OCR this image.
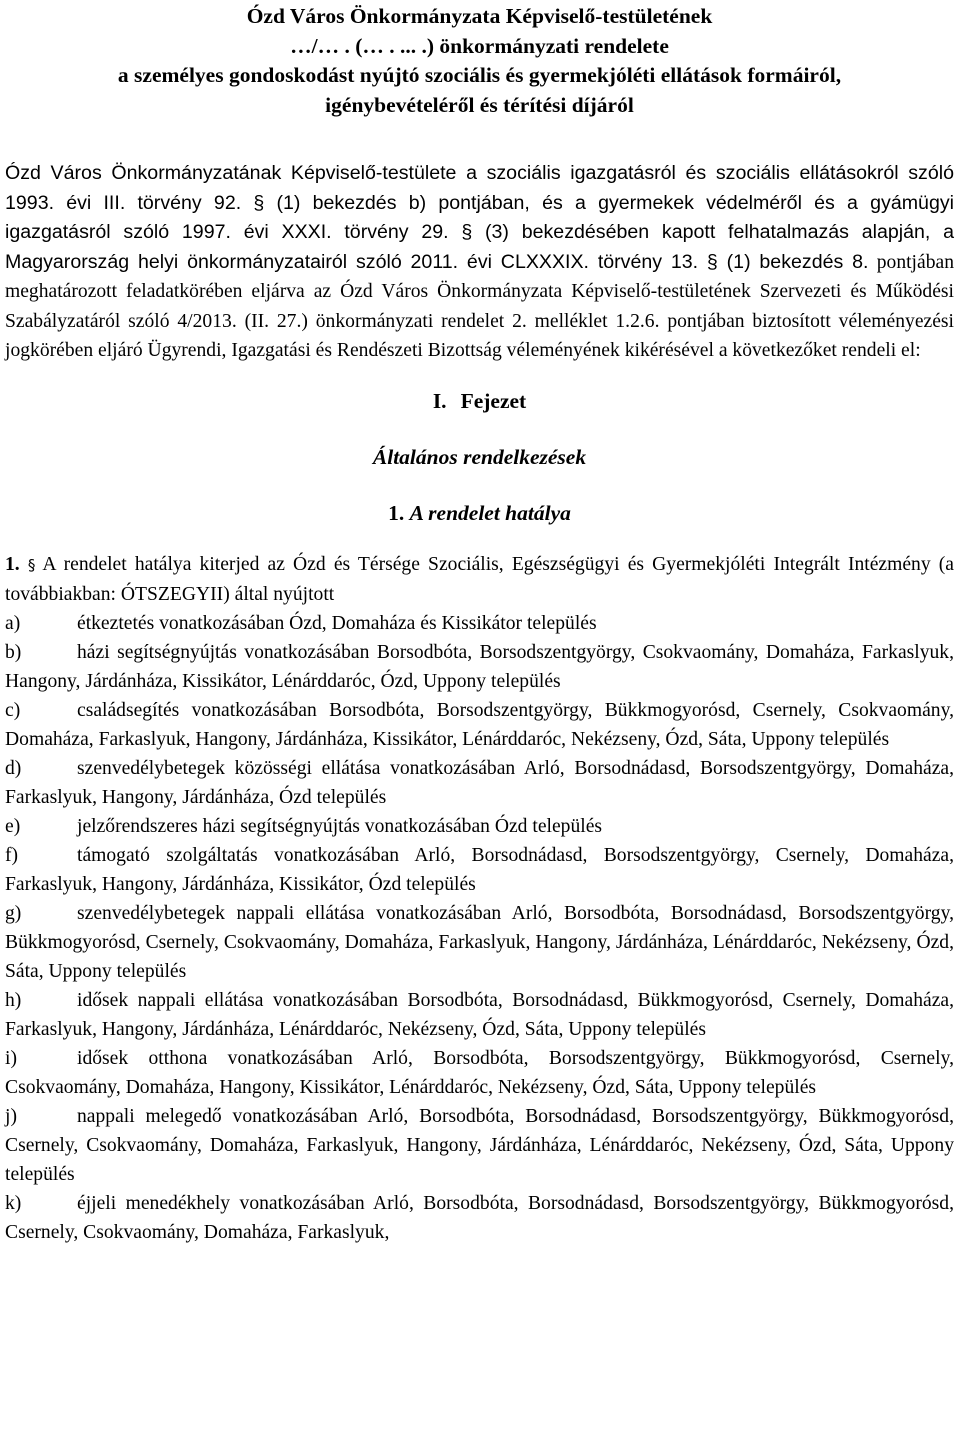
Ózd Város Önkormányzata Képviselő-testületének
…/… . (… . ... .) önkormányzati rendelete
a személyes gondoskodást nyújtó szociális és gyermekjóléti ellátások formáiról,
igénybevételéről és térítési díjáról

Ózd Város Önkormányzatának Képviselő-testülete a szociális igazgatásról és szociális ellátásokról szóló 1993. évi III. törvény 92. § (1) bekezdés b) pontjában, és a gyermekek védelméről és a gyámügyi igazgatásról szóló 1997. évi XXXI. törvény 29. § (3) bekezdésében kapott felhatalmazás alapján, a Magyarország helyi önkormányzatairól szóló 2011. évi CLXXXIX. törvény 13. § (1) bekezdés 8. pontjában meghatározott feladatkörében eljárva az Ózd Város Önkormányzata Képviselő-testületének Szervezeti és Működési Szabályzatáról szóló 4/2013. (II. 27.) önkormányzati rendelet 2. melléklet 1.2.6. pontjában biztosított véleményezési jogkörében eljáró Ügyrendi, Igazgatási és Rendészeti Bizottság véleményének kikérésével a következőket rendeli el:

I. Fejezet
Általános rendelkezések
1. A rendelet hatálya
1. § A rendelet hatálya kiterjed az Ózd és Térsége Szociális, Egészségügyi és Gyermekjóléti Integrált Intézmény (a továbbiakban: ÓTSZEGYII) által nyújtott
a)	étkeztetés vonatkozásában Ózd, Domaháza és Kissikátor település
b)	házi segítségnyújtás vonatkozásában Borsodbóta, Borsodszentgyörgy, Csokvaomány, Domaháza, Farkaslyuk, Hangony, Járdánháza, Kissikátor, Lénárddaróc, Ózd, Uppony település
c)	családsegítés vonatkozásában Borsodbóta, Borsodszentgyörgy, Bükkmogyorósd, Csernely, Csokvaomány, Domaháza, Farkaslyuk, Hangony, Járdánháza, Kissikátor, Lénárddaróc, Nekézseny, Ózd, Sáta, Uppony település
d)	szenvedélybetegek közösségi ellátása vonatkozásában Arló, Borsodnádasd, Borsodszentgyörgy, Domaháza, Farkaslyuk, Hangony, Járdánháza, Ózd település
e)	jelzőrendszeres házi segítségnyújtás vonatkozásában Ózd település
f)	támogató szolgáltatás vonatkozásában Arló, Borsodnádasd, Borsodszentgyörgy, Csernely, Domaháza, Farkaslyuk, Hangony, Járdánháza, Kissikátor, Ózd település
g)	szenvedélybetegek nappali ellátása vonatkozásában Arló, Borsodbóta, Borsodnádasd, Borsodszentgyörgy, Bükkmogyorósd, Csernely, Csokvaomány, Domaháza, Farkaslyuk, Hangony, Járdánháza, Lénárddaróc, Nekézseny, Ózd, Sáta, Uppony település
h)	idősek nappali ellátása vonatkozásában Borsodbóta, Borsodnádasd, Bükkmogyorósd, Csernely, Domaháza, Farkaslyuk, Hangony, Járdánháza, Lénárddaróc, Nekézseny, Ózd, Sáta, Uppony település
i)	idősek otthona vonatkozásában Arló, Borsodbóta, Borsodszentgyörgy, Bükkmogyorósd, Csernely, Csokvaomány, Domaháza, Hangony, Kissikátor, Lénárddaróc, Nekézseny, Ózd, Sáta, Uppony település
j)	nappali melegedő vonatkozásában Arló, Borsodbóta, Borsodnádasd, Borsodszentgyörgy, Bükkmogyorósd, Csernely, Csokvaomány, Domaháza, Farkaslyuk, Hangony, Járdánháza, Lénárddaróc, Nekézseny, Ózd, Sáta, Uppony település
k)	éjjeli menedékhely vonatkozásában Arló, Borsodbóta, Borsodnádasd, Borsodszentgyörgy, Bükkmogyorósd, Csernely, Csokvaomány, Domaháza, Farkaslyuk,
